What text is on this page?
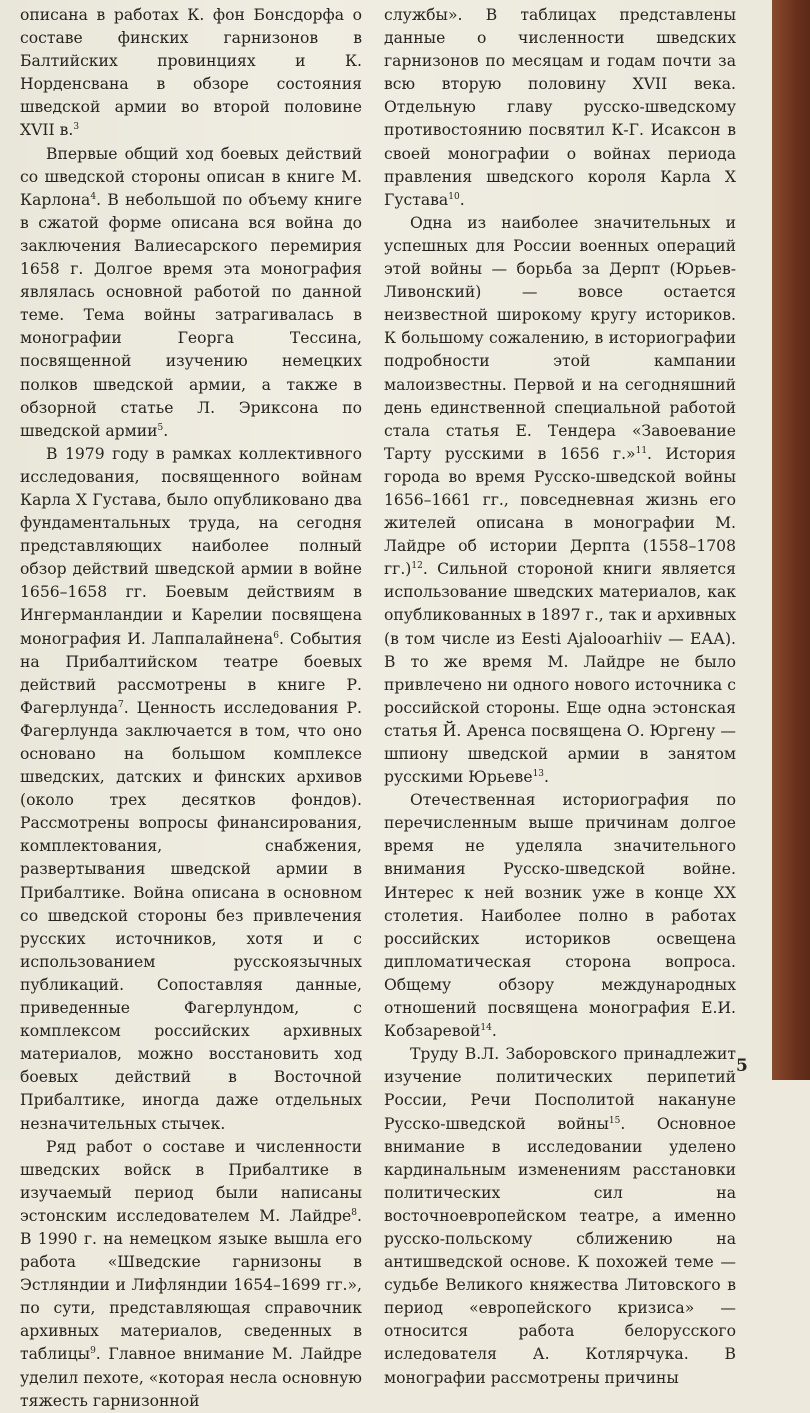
описана в работах К. фон Бонсдорфа о составе финских гарнизонов в Балтийских провинциях и К. Норденсвана в обзоре состояния шведской армии во второй половине XVII в.$^3$

Впервые общий ход боевых действий со шведской стороны описан в книге М. Карлона$^4$. В небольшой по объему книге в сжатой форме описана вся война до заключения Валиесарского перемирия 1658 г. Долгое время эта монография являлась основной работой по данной теме. Тема войны затрагивалась в монографии Георга Тессина, посвященной изучению немецких полков шведской армии, а также в обзорной статье Л. Эриксона по шведской армии$^5$.

В 1979 году в рамках коллективного исследования, посвященного войнам Карла Х Густава, было опубликовано два фундаментальных труда, на сегодня представляющих наиболее полный обзор действий шведской армии в войне 1656–1658 гг. Боевым действиям в Ингерманландии и Карелии посвящена монография И. Лаппалайнена$^6$. События на Прибалтийском театре боевых действий рассмотрены в книге Р. Фагерлунда$^7$. Ценность исследования Р. Фагерлунда заключается в том, что оно основано на большом комплексе шведских, датских и финских архивов (около трех десятков фондов). Рассмотрены вопросы финансирования, комплектования, снабжения, развертывания шведской армии в Прибалтике. Война описана в основном со шведской стороны без привлечения русских источников, хотя и с использованием русскоязычных публикаций. Сопоставляя данные, приведенные Фагерлундом, с комплексом российских архивных материалов, можно восстановить ход боевых действий в Восточной Прибалтике, иногда даже отдельных незначительных стычек.

Ряд работ о составе и численности шведских войск в Прибалтике в изучаемый период были написаны эстонским исследователем М. Лайдре$^8$. В 1990 г. на немецком языке вышла его работа «Шведские гарнизоны в Эстляндии и Лифляндии 1654–1699 гг.», по сути, представляющая справочник архивных материалов, сведенных в таблицы$^9$. Главное внимание М. Лайдре уделил пехоте, «которая несла основную тяжесть гарнизонной

службы». В таблицах представлены данные о численности шведских гарнизонов по месяцам и годам почти за всю вторую половину XVII века. Отдельную главу русско-шведскому противостоянию посвятил К-Г. Исаксон в своей монографии о войнах периода правления шведского короля Карла Х Густава$^{10}$.

Одна из наиболее значительных и успешных для России военных операций этой войны — борьба за Дерпт (Юрьев-Ливонский) — вовсе остается неизвестной широкому кругу историков. К большому сожалению, в историографии подробности этой кампании малоизвестны. Первой и на сегодняшний день единственной специальной работой стала статья Е. Тендера «Завоевание Тарту русскими в 1656 г.»$^{11}$. История города во время Русско-шведской войны 1656–1661 гг., повседневная жизнь его жителей описана в монографии М. Лайдре об истории Дерпта (1558–1708 гг.)$^{12}$. Сильной стороной книги является использование шведских материалов, как опубликованных в 1897 г., так и архивных (в том числе из Eesti Ajalooarhiiv — ЕАА). В то же время М. Лайдре не было привлечено ни одного нового источника с российской стороны. Еще одна эстонская статья Й. Аренса посвящена О. Юргену — шпиону шведской армии в занятом русскими Юрьеве$^{13}$.

Отечественная историография по перечисленным выше причинам долгое время не уделяла значительного внимания Русско-шведской войне. Интерес к ней возник уже в конце XX столетия. Наиболее полно в работах российских историков освещена дипломатическая сторона вопроса. Общему обзору международных отношений посвящена монография Е.И. Кобзаревой$^{14}$.

Труду В.Л. Заборовского принадлежит изучение политических перипетий России, Речи Посполитой накануне Русско-шведской войны$^{15}$. Основное внимание в исследовании уделено кардинальным изменениям расстановки политических сил на восточноевропейском театре, а именно русско-польскому сближению на антишведской основе. К похожей теме — судьбе Великого княжества Литовского в период «европейского кризиса» — относится работа белорусского иследователя А. Котлярчука. В монографии рассмотрены причины

5
